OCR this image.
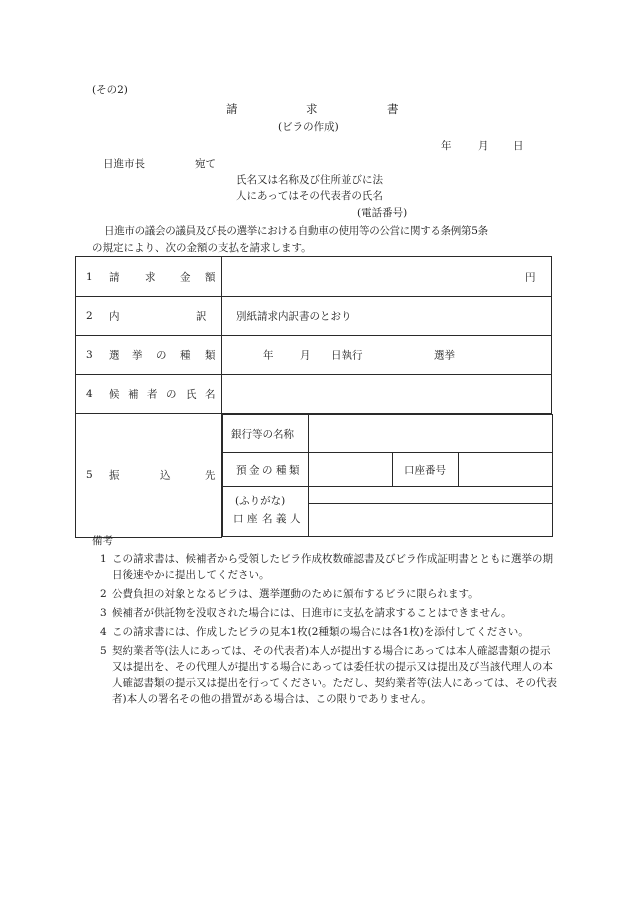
(その2)
請	求	書
(ビラの作成)
年	月 日
日進市長	宛て
氏名又は名称及び住所並びに法
人にあってはその代表者の氏名
(電話番号)
日進市の議会の議員及び長の選挙における自動車の使用等の公営に関する条例第5条
の規定により、次の金額の支払を請求します。
1 請 求 金 額	円

2 内	訳	別紙請求内訳書のとおり

3 選 挙 の 種 類	年	月 日執行	選挙

4 候 補 者 の 氏 名

5 振	込	先

銀行等の名称

預 金 の 種 類		口座番号

(ふりがな)
口 座 名 義 人

備考
1 この請求書は、候補者から受領したビラ作成枚数確認書及びビラ作成証明書とともに選挙の期日後速やかに提出してください。
2 公費負担の対象となるビラは、選挙運動のために頒布するビラに限られます。
3 候補者が供託物を没収された場合には、日進市に支払を請求することはできません。
4 この請求書には、作成したビラの見本1枚(2種類の場合には各1枚)を添付してください。
5 契約業者等(法人にあっては、その代表者)本人が提出する場合にあっては本人確認書類の提示又は提出を、その代理人が提出する場合にあっては委任状の提示又は提出及び当該代理人の本人確認書類の提示又は提出を行ってください。ただし、契約業者等(法人にあっては、その代表者)本人の署名その他の措置がある場合は、この限りでありません。
